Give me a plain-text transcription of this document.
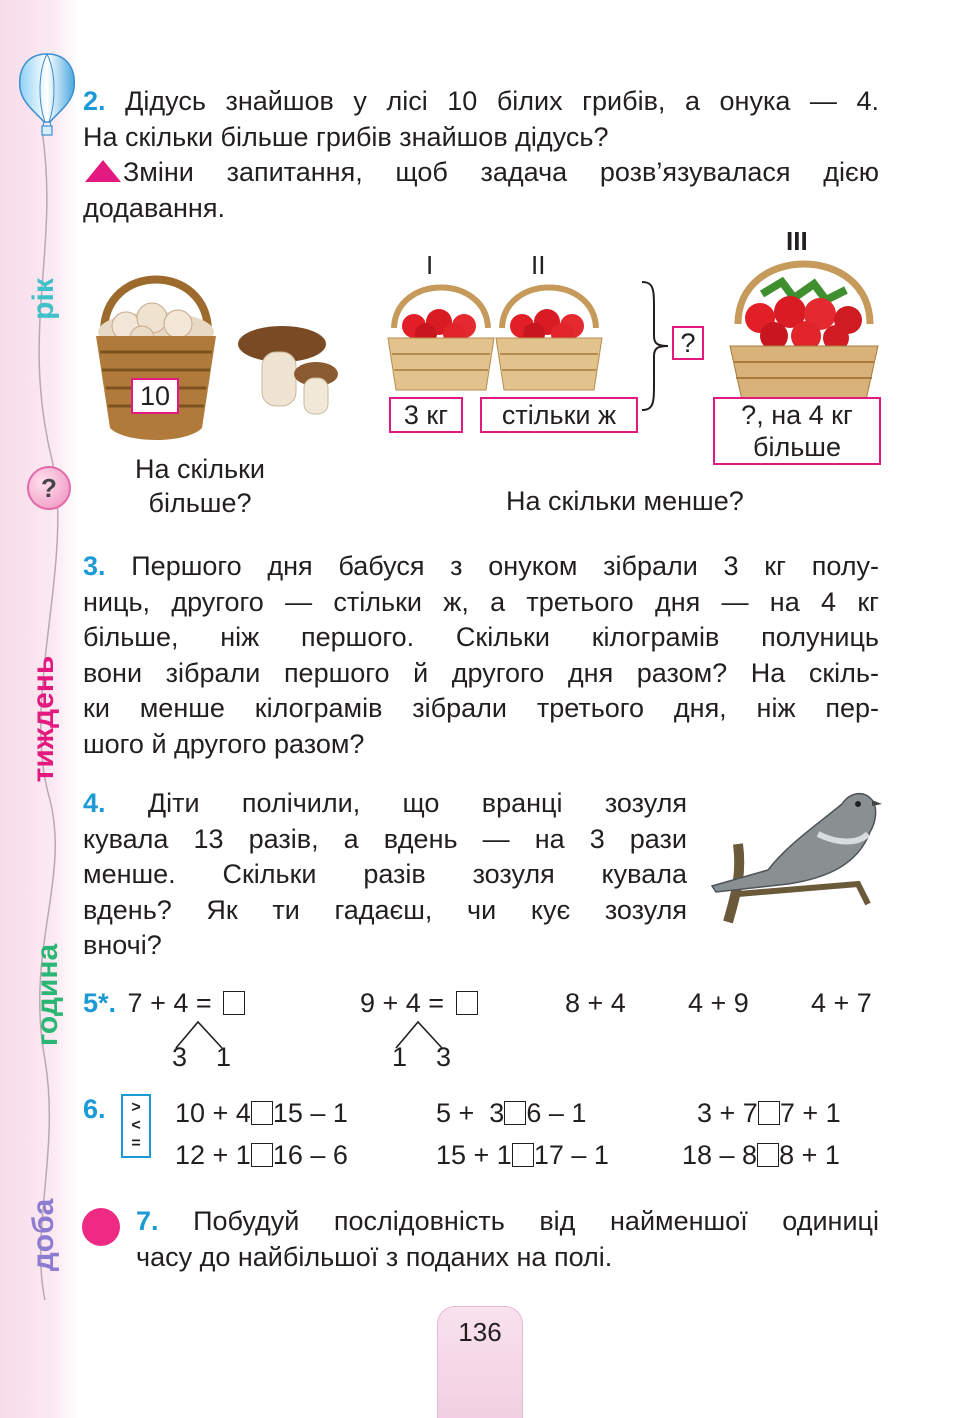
рік
?
тиждень
година
доба
2. Дідусь знайшов у лісі 10 білих грибів, а онука — 4.
На скільки більше грибів знайшов дідусь?
Зміни запитання, щоб задача розв’язувалася дією
додавання.
10
На скільки
більше?
I	II
3 кг	стільки ж
?
III
?, на 4 кг
більше
На скільки менше?
3. Першого дня бабуся з онуком зібрали 3 кг полу-
ниць, другого — стільки ж, а третього дня — на 4 кг
більше, ніж першого. Скільки кілограмів полуниць
вони зібрали першого й другого дня разом? На скіль-
ки менше кілограмів зібрали третього дня, ніж пер-
шого й другого разом?
4. Діти полічили, що вранці зозуля
кувала 13 разів, а вдень — на 3 рази
менше. Скільки разів зозуля кувала
вдень? Як ти гадаєш, чи кує зозуля
вночі?
5*. 7 + 4 =
3 1
9 + 4 =
1 3
8 + 4 4 + 9 4 + 7
6.	>
<
=
10 + 4 15 – 1	5 +  3 6 – 1	3 + 7 7 + 1
12 + 1 16 – 6	15 + 1 17 – 1	18 – 8 8 + 1
7. Побудуй послідовність від найменшої одиниці
часу до найбільшої з поданих на полі.
136
